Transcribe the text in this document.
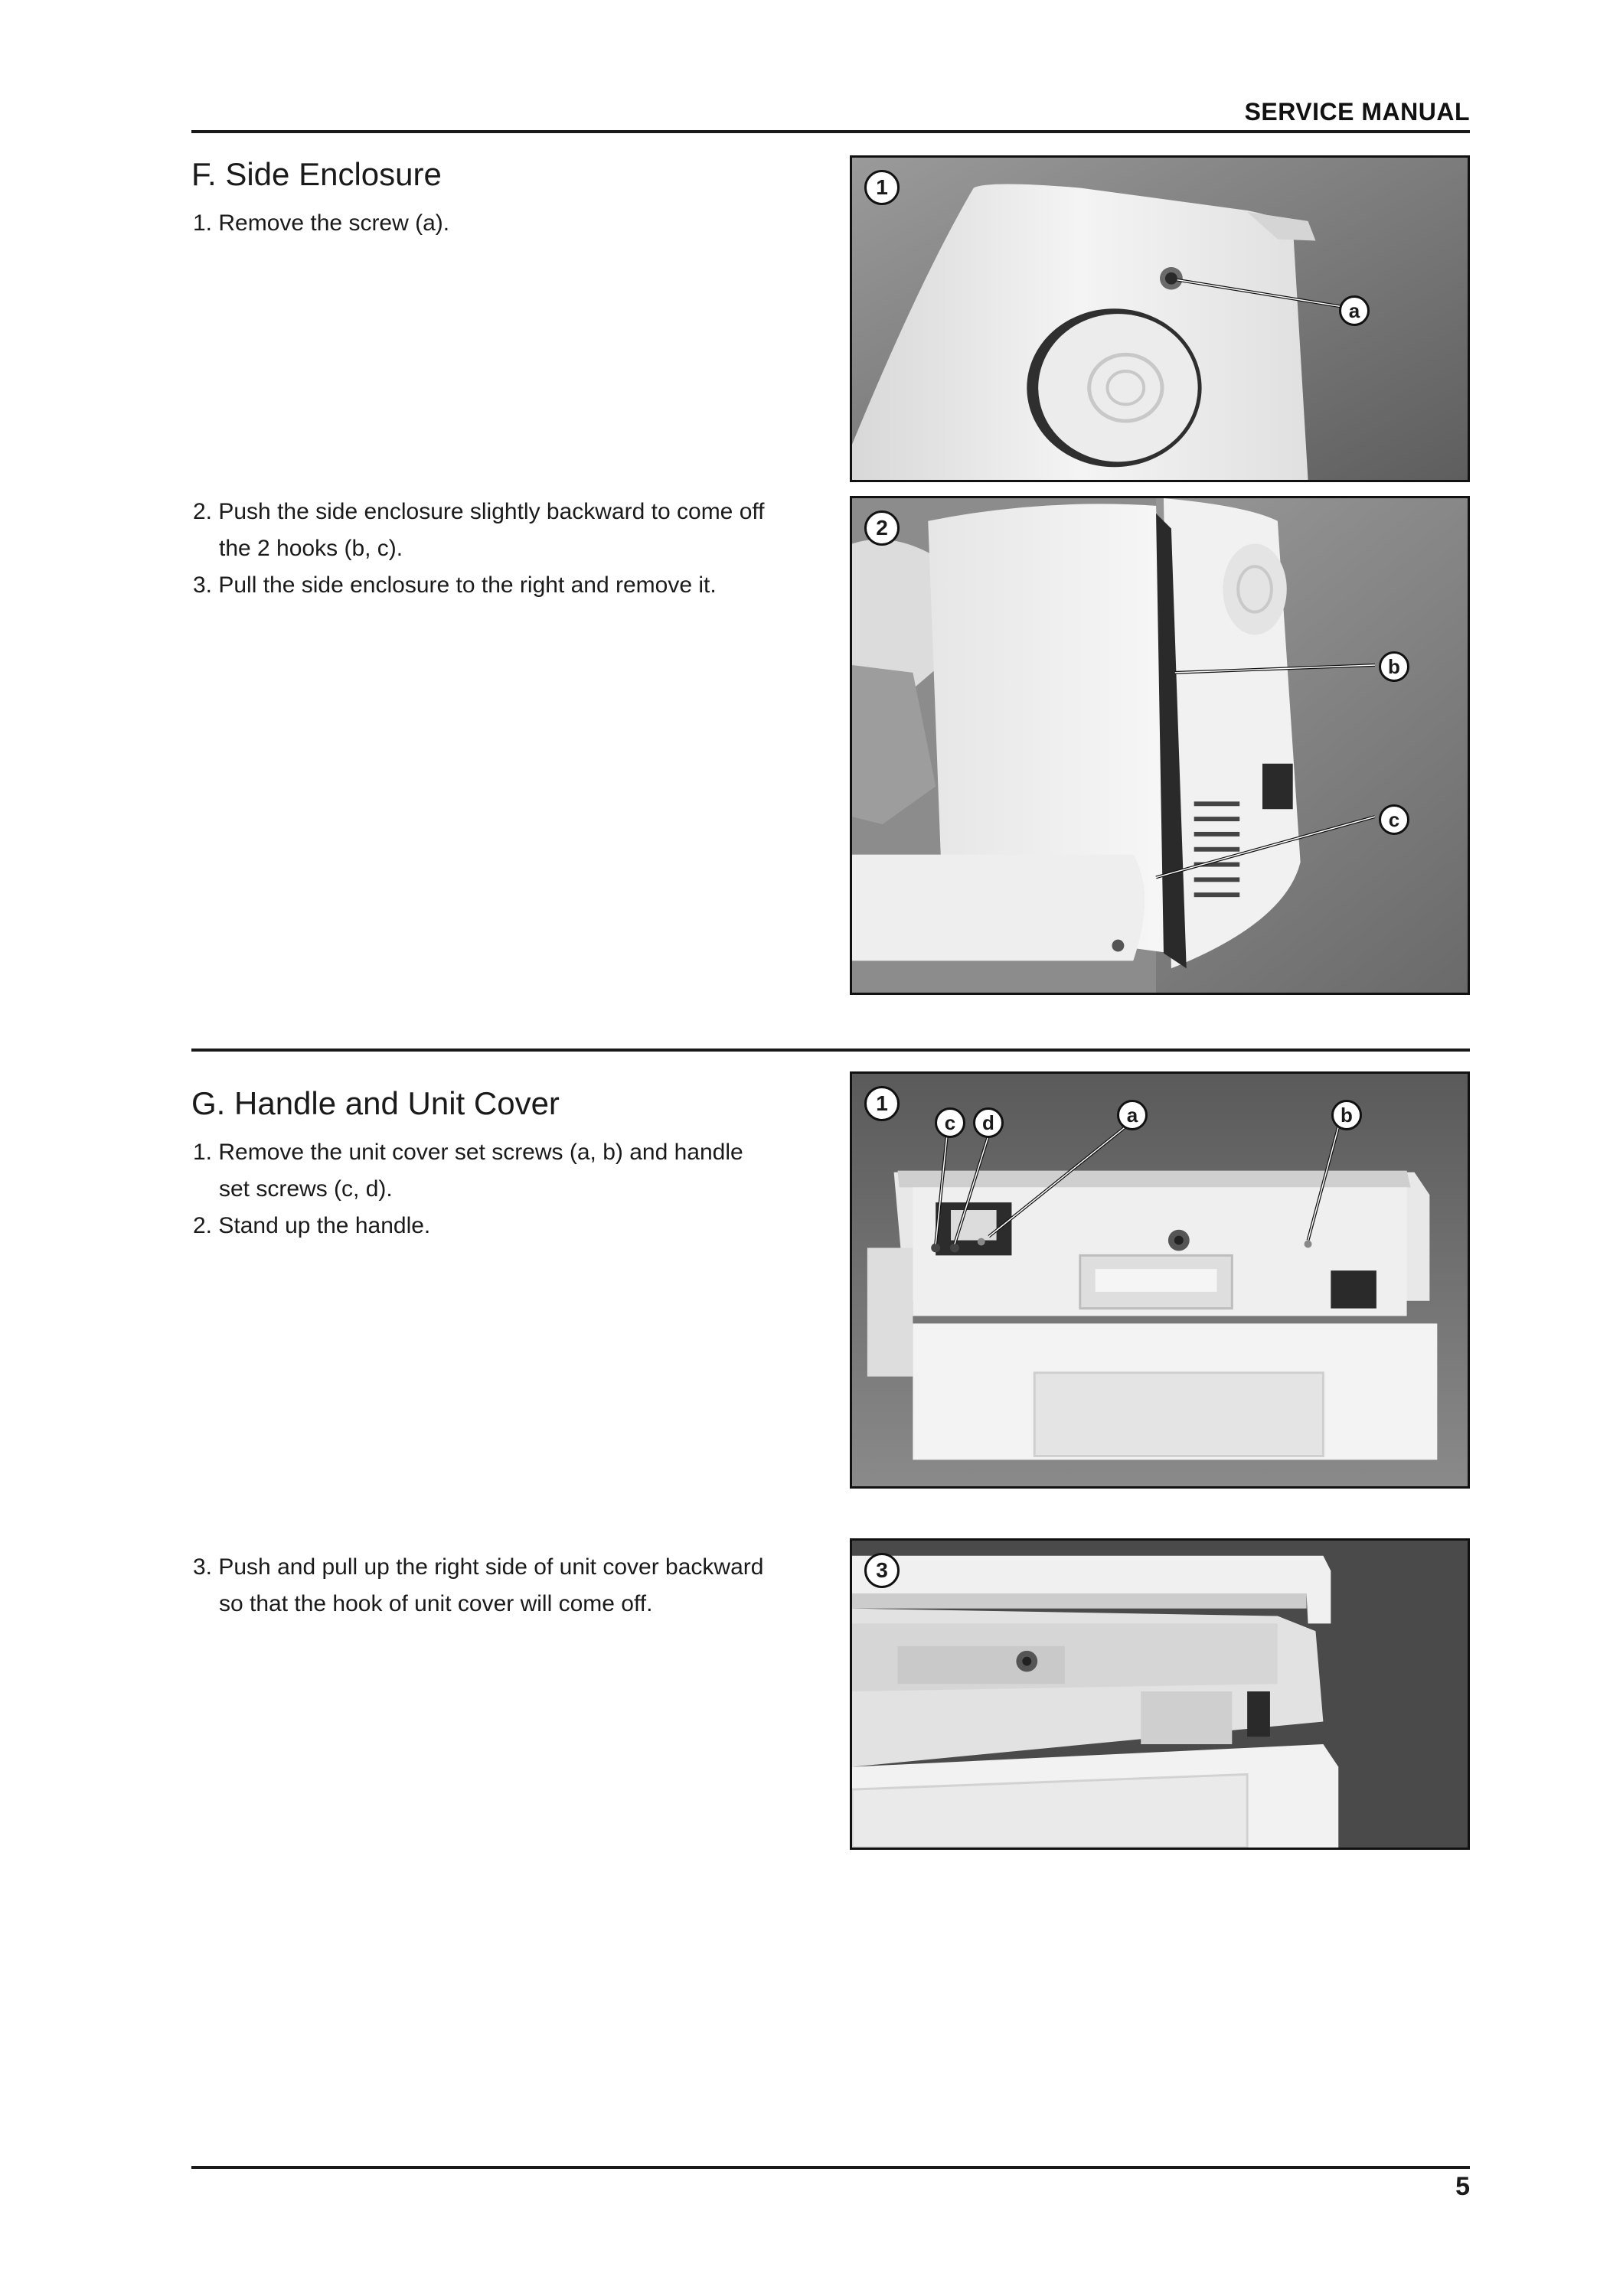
SERVICE MANUAL
F. Side Enclosure
1. Remove the screw (a).
2. Push the side enclosure slightly backward to come off
the 2 hooks (b, c).
3. Pull the side enclosure to the right and remove it.
1
a
2
b
c
G. Handle and Unit Cover
1. Remove the unit cover set screws (a, b) and handle
set screws (c, d).
2. Stand up the handle.
3. Push and pull up the right side of unit cover backward
so that the hook of unit cover will come off.
1
c	d	a	b
3
5
